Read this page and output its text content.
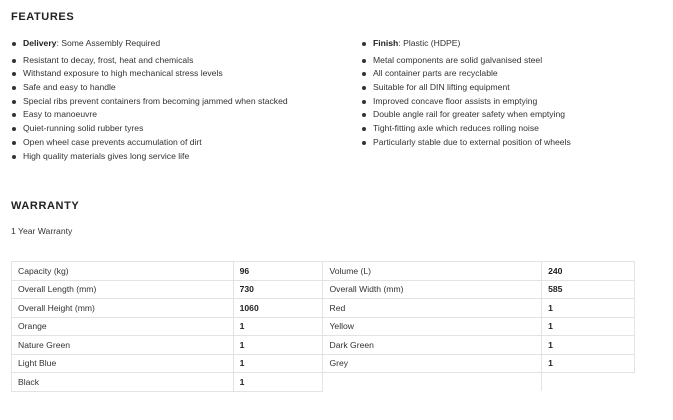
FEATURES
Delivery: Some Assembly Required
Resistant to decay, frost, heat and chemicals
Withstand exposure to high mechanical stress levels
Safe and easy to handle
Special ribs prevent containers from becoming jammed when stacked
Easy to manoeuvre
Quiet-running solid rubber tyres
Open wheel case prevents accumulation of dirt
High quality materials gives long service life
Finish: Plastic (HDPE)
Metal components are solid galvanised steel
All container parts are recyclable
Suitable for all DIN lifting equipment
Improved concave floor assists in emptying
Double angle rail for greater safety when emptying
Tight-fitting axle which reduces rolling noise
Particularly stable due to external position of wheels
WARRANTY
1 Year Warranty
Capacity (kg)	96	Volume (L)	240
Overall Length (mm)	730	Overall Width (mm)	585
Overall Height (mm)	1060	Red	1
Orange	1	Yellow	1
Nature Green	1	Dark Green	1
Light Blue	1	Grey	1
Black	1		
